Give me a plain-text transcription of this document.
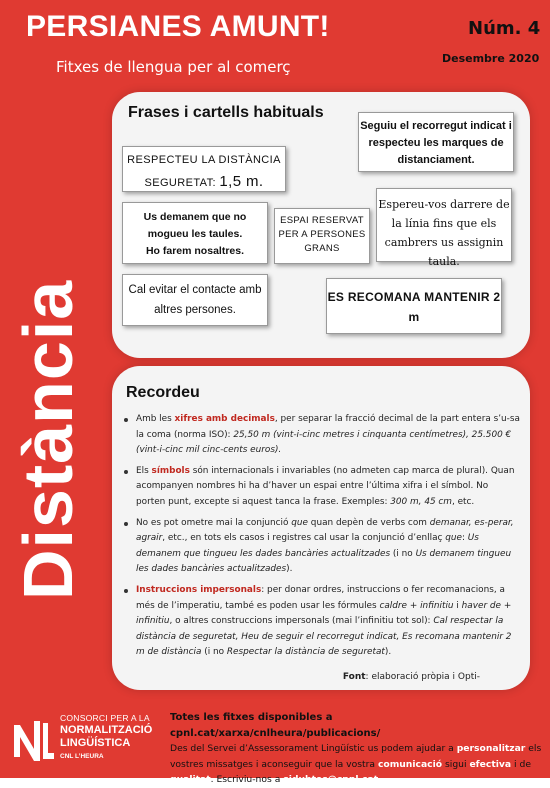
PERSIANES AMUNT!
Fitxes de llengua per al comerç
Núm. 4
Desembre 2020
Distància
Frases i cartells habituals
RESPECTEU LA DISTÀNCIA
SEGURETAT: 1,5 m.
Seguiu el recorregut indicat i respecteu les marques de distanciament.
Us demanem que no mogueu les taules.
Ho farem nosaltres.
ESPAI RESERVAT PER A PERSONES GRANS
Espereu-vos darrere de la línia fins que els cambrers us assignin taula.
Cal evitar el contacte amb altres persones.
ES RECOMANA MANTENIR 2 m
Recordeu
Amb les xifres amb decimals, per separar la fracció decimal de la part entera s’u-sa la coma (norma ISO): 25,50 m (vint-i-cinc metres i cinquanta centímetres), 25.500 € (vint-i-cinc mil cinc-cents euros).
Els símbols són internacionals i invariables (no admeten cap marca de plural). Quan acompanyen nombres hi ha d’haver un espai entre l’última xifra i el símbol. No porten punt, excepte si aquest tanca la frase. Exemples: 300 m, 45 cm, etc.
No es pot ometre mai la conjunció que quan depèn de verbs com demanar, es-perar, agrair, etc., en tots els casos i registres cal usar la conjunció d’enllaç que: Us demanem que tingueu les dades bancàries actualitzades (i no Us demanem tingueu les dades bancàries actualitzades).
Instruccions impersonals: per donar ordres, instruccions o fer recomanacions, a més de l’imperatiu, també es poden usar les fórmules caldre + infinitiu i haver de + infinitiu, o altres construccions impersonals (mai l’infinitiu tot sol): Cal respectar la distància de seguretat, Heu de seguir el recorregut indicat, Es recomana mantenir 2 m de distància (i no Respectar la distància de seguretat).
Font: elaboració pròpia i Opti-
CONSORCI PER A LA
NORMALITZACIÓ
LINGÜÍSTICA
CNL L’HEURA
Totes les fitxes disponibles a cpnl.cat/xarxa/cnlheura/publicacions/
Des del Servei d’Assessorament Lingüístic us podem ajudar a personalitzar els vostres missatges i aconseguir que la vostra comunicació sigui efectiva i de qualitat. Escriviu-nos a sidubtes@cpnl.cat
